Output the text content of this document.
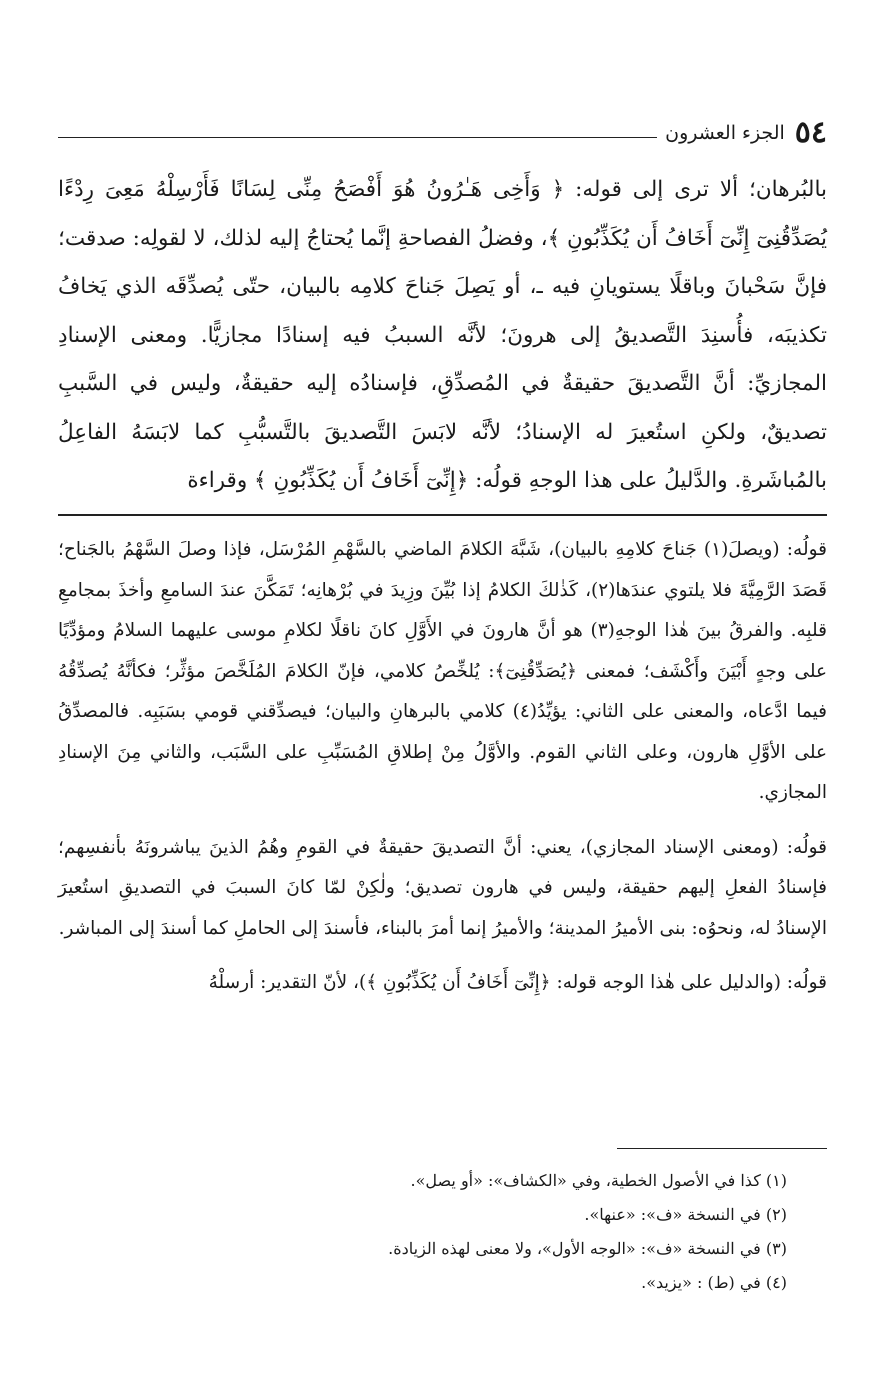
٥٤
الجزء العشرون

بالبُرهان؛ ألا ترى إلى قوله: ﴿ وَأَخِى هَـٰرُونُ هُوَ أَفْصَحُ مِنِّى لِسَانًا فَأَرْسِلْهُ مَعِىَ رِدْءًا يُصَدِّقُنِىٓ إِنِّىٓ أَخَافُ أَن يُكَذِّبُونِ ﴾، وفضلُ الفصاحةِ إنَّما يُحتاجُ إليه لذلك، لا لقولِه: صدقت؛ فإنَّ سَحْبانَ وباقلًا يستويانِ فيه ـ، أو يَصِلَ جَناحَ كلامِه بالبيان، حتّى يُصدِّقَه الذي يَخافُ تكذيبَه، فأُسنِدَ التَّصديقُ إلى هرونَ؛ لأنَّه السببُ فيه إسنادًا مجازيًّا. ومعنى الإسنادِ المجازيِّ: أنَّ التَّصديقَ حقيقةٌ في المُصدِّقِ، فإسنادُه إليه حقيقةٌ، وليس في السَّببِ تصديقٌ، ولكنِ استُعيرَ له الإسنادُ؛ لأنَّه لابَسَ التَّصديقَ بالتَّسبُّبِ كما لابَسَهُ الفاعِلُ بالمُباشَرةِ. والدَّليلُ على هذا الوجهِ قولُه: ﴿إِنِّىٓ أَخَافُ أَن يُكَذِّبُونِ ﴾ وقراءة

قولُه: (ويصلَ(١) جَناحَ كلامِهِ بالبيان)، شَبَّهَ الكلامَ الماضي بالسَّهْمِ المُرْسَل، فإذا وصلَ السَّهْمُ بالجَناح؛ قَصَدَ الرَّمِيَّةَ فلا يلتوي عندَها(٢)، كَذٰلكَ الكلامُ إذا بُيِّنَ وزِيدَ في بُرْهانِه؛ تَمَكَّنَ عندَ السامعِ وأخذَ بمجامعِ قلبِه. والفرقُ بينَ هٰذا الوجهِ(٣) هو أنَّ هارونَ في الأَوَّلِ كانَ ناقلًا لكلامِ موسى عليهما السلامُ ومؤدِّيًا على وجهٍ أَبْيَنَ وأَكْشَف؛ فمعنى ﴿يُصَدِّقُنِىٓ﴾: يُلخِّصُ كلامي، فإنّ الكلامَ المُلَخَّصَ مؤثِّر؛ فكأنَّهُ يُصدِّقُهُ فيما ادَّعاه، والمعنى على الثاني: يؤيِّدُ(٤) كلامي بالبرهانِ والبيان؛ فيصدِّقني قومي بسَبَبِه. فالمصدِّقُ على الأوَّلِ هارون، وعلى الثاني القوم. والأوَّلُ مِنْ إطلاقِ المُسَبِّبِ على السَّبَب، والثاني مِنَ الإسنادِ المجازي.

قولُه: (ومعنى الإسناد المجازي)، يعني: أنَّ التصديقَ حقيقةٌ في القومِ وهُمُ الذينَ يباشرونَهُ بأنفسِهم؛ فإسنادُ الفعلِ إليهم حقيقة، وليس في هارون تصديق؛ ولٰكِنْ لمّا كانَ السببَ في التصديقِ استُعيرَ الإسنادُ له، ونحوُه: بنى الأميرُ المدينة؛ والأميرُ إنما أمرَ بالبناء، فأسندَ إلى الحاملِ كما أسندَ إلى المباشر.

قولُه: (والدليل على هٰذا الوجه قوله: ﴿إِنِّىٓ أَخَافُ أَن يُكَذِّبُونِ ﴾)، لأنّ التقدير: أرسلْهُ

(١) كذا في الأصول الخطية، وفي «الكشاف»: «أو يصل».
(٢) في النسخة «ف»: «عنها».
(٣) في النسخة «ف»: «الوجه الأول»، ولا معنى لهذه الزيادة.
(٤) في (ط) : «يزيد».
